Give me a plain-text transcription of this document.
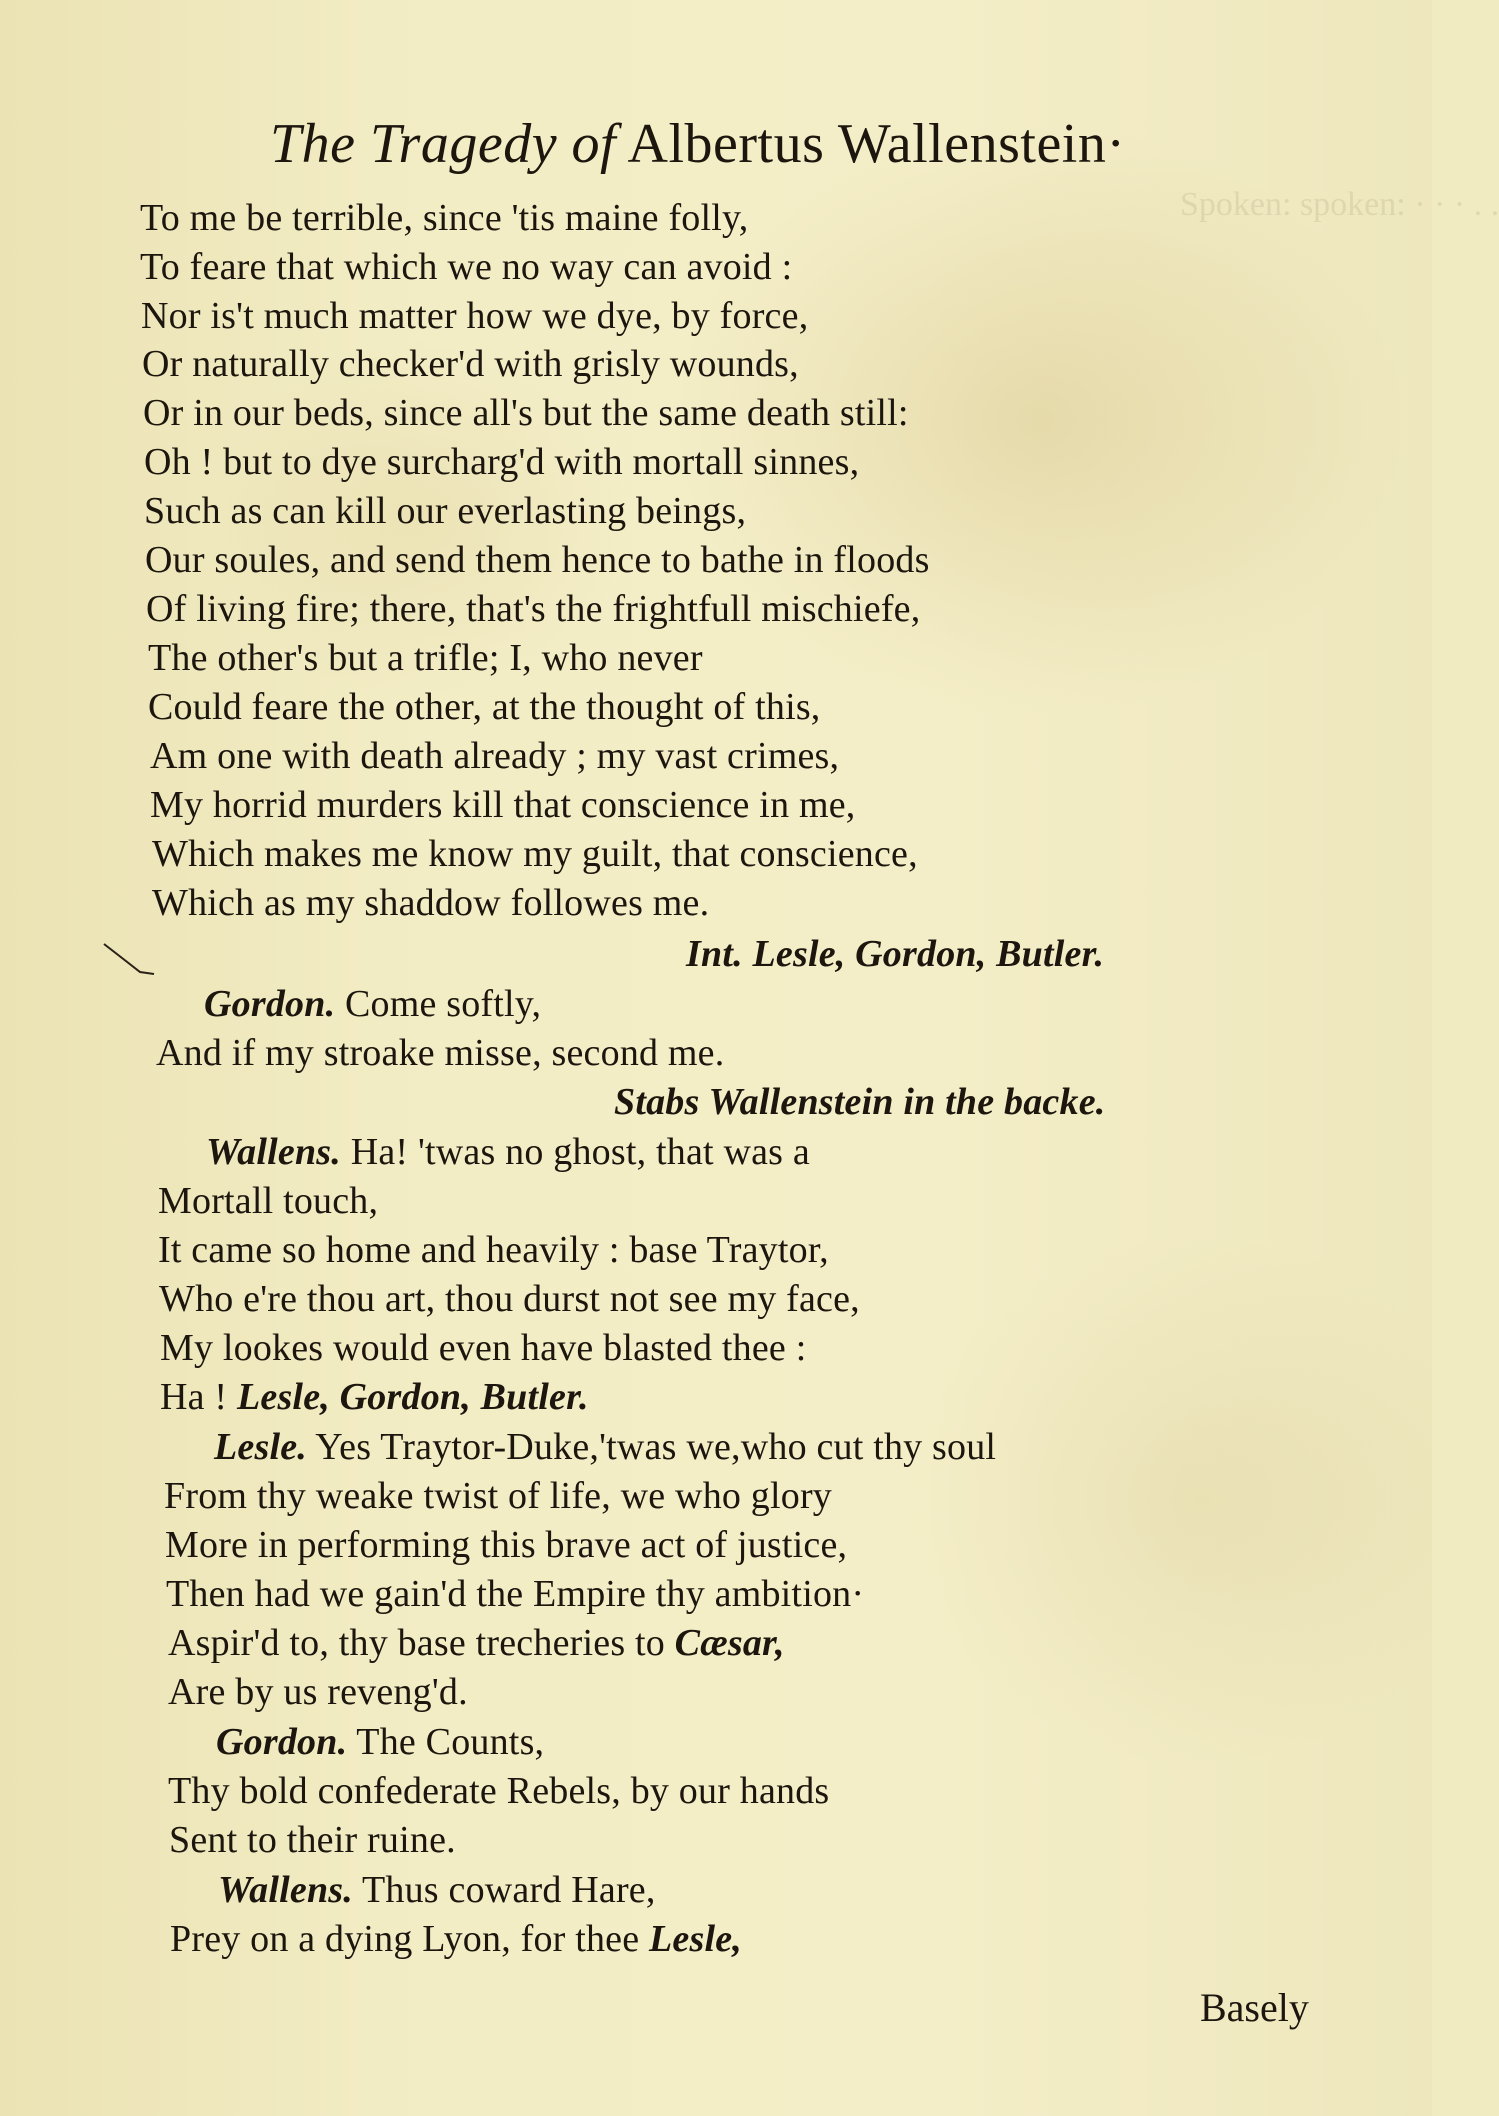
Spoken: spoken: · · · . .
The Tragedy of Albertus Wallenstein·
To me be terrible, since 'tis maine folly,
To feare that which we no way can avoid :
Nor is't much matter how we dye, by force,
Or naturally checker'd with grisly wounds,
Or in our beds, since all's but the same death still:
Oh ! but to dye surcharg'd with mortall sinnes,
Such as can kill our everlasting beings,
Our soules, and send them hence to bathe in floods
Of living fire; there, that's the frightfull mischiefe,
The other's but a trifle; I, who never
Could feare the other, at the thought of this,
Am one with death already ; my vast crimes,
My horrid murders kill that conscience in me,
Which makes me know my guilt, that conscience,
Which as my shaddow followes me.
Int. Lesle, Gordon, Butler.
Gordon. Come softly,
And if my stroake misse, second me.
Stabs Wallenstein in the backe.
Wallens. Ha! 'twas no ghost, that was a
Mortall touch,
It came so home and heavily : base Traytor,
Who e're thou art, thou durst not see my face,
My lookes would even have blasted thee :
Ha ! Lesle, Gordon, Butler.
Lesle. Yes Traytor-Duke,'twas we,who cut thy soul
From thy weake twist of life, we who glory
More in performing this brave act of justice,
Then had we gain'd the Empire thy ambition·
Aspir'd to, thy base trecheries to Cæsar,
Are by us reveng'd.
Gordon. The Counts,
Thy bold confederate Rebels, by our hands
Sent to their ruine.
Wallens. Thus coward Hare,
Prey on a dying Lyon, for thee Lesle,
Basely
